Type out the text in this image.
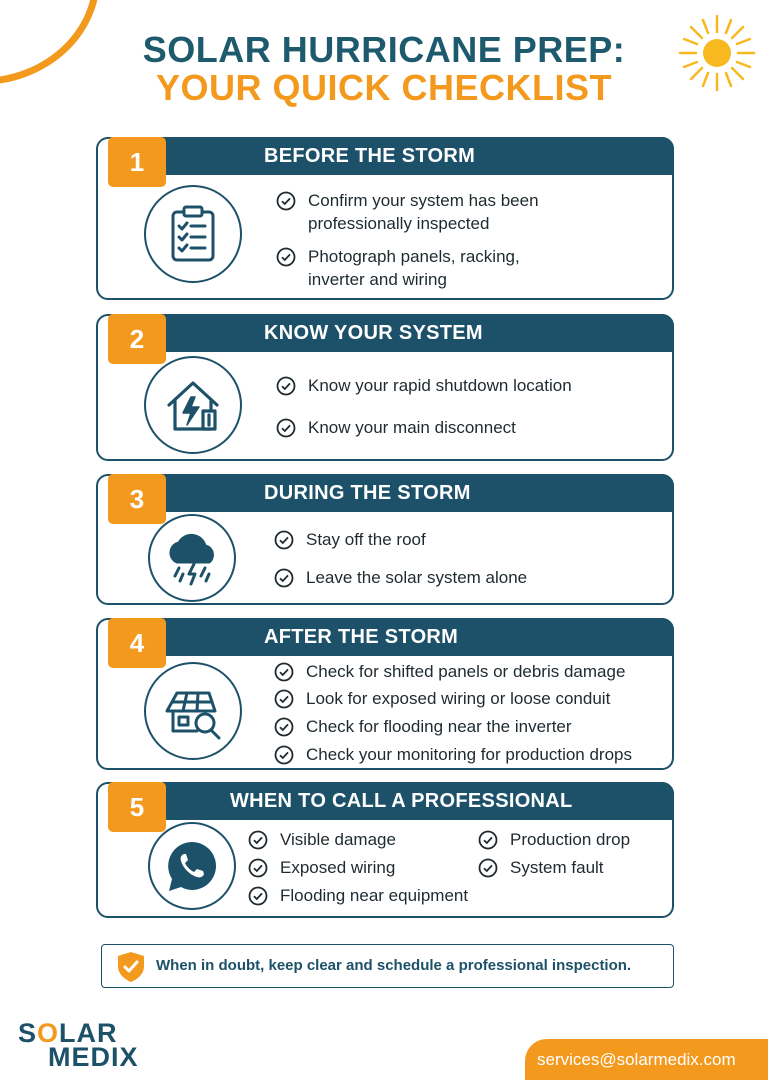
SOLAR HURRICANE PREP:
YOUR QUICK CHECKLIST
BEFORE THE STORM
1
Confirm your system has been
professionally inspected
Photograph panels, racking,
inverter and wiring
KNOW YOUR SYSTEM
2
Know your rapid shutdown location
Know your main disconnect
DURING THE STORM
3
Stay off the roof
Leave the solar system alone
AFTER THE STORM
4
Check for shifted panels or debris damage
Look for exposed wiring or loose conduit
Check for flooding near the inverter
Check your monitoring for production drops
WHEN TO CALL A PROFESSIONAL
5
Visible damage
Exposed wiring
Flooding near equipment
Production drop
System fault
When in doubt, keep clear and schedule a professional inspection.
SOLAR
MEDIX	services@solarmedix.com
